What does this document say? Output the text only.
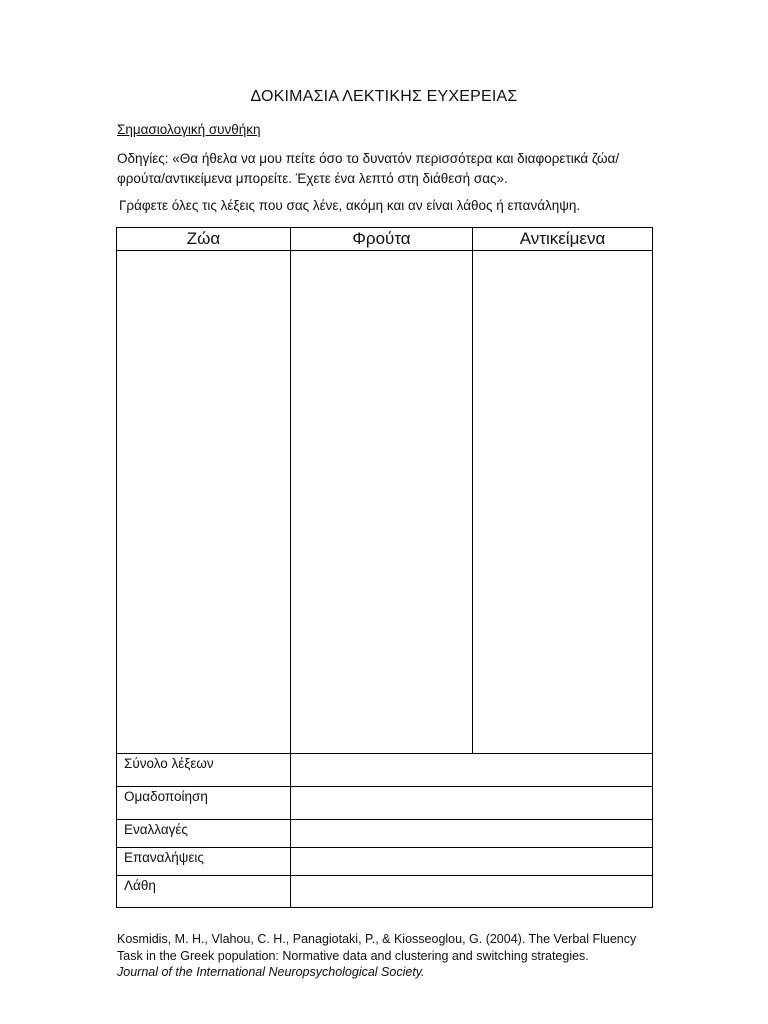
ΔΟΚΙΜΑΣΙΑ ΛΕΚΤΙΚΗΣ ΕΥΧΕΡΕΙΑΣ
Σημασιολογική συνθήκη
Οδηγίες: «Θα ήθελα να μου πείτε όσο το δυνατόν περισσότερα και διαφορετικά ζώα/φρούτα/αντικείμενα μπορείτε. Έχετε ένα λεπτό στη διάθεσή σας».
Γράφετε όλες τις λέξεις που σας λένε, ακόμη και αν είναι λάθος ή επανάληψη.
Ζώα	Φρούτα	Αντικείμενα

Σύνολο λέξεων		
Ομαδοποίηση		
Εναλλαγές		
Επαναλήψεις		
Λάθη		
Kosmidis, M. H., Vlahou, C. H., Panagiotaki, P., & Kiosseoglou, G. (2004). The Verbal Fluency Task in the Greek population: Normative data and clustering and switching strategies.
Journal of the International Neuropsychological Society.
